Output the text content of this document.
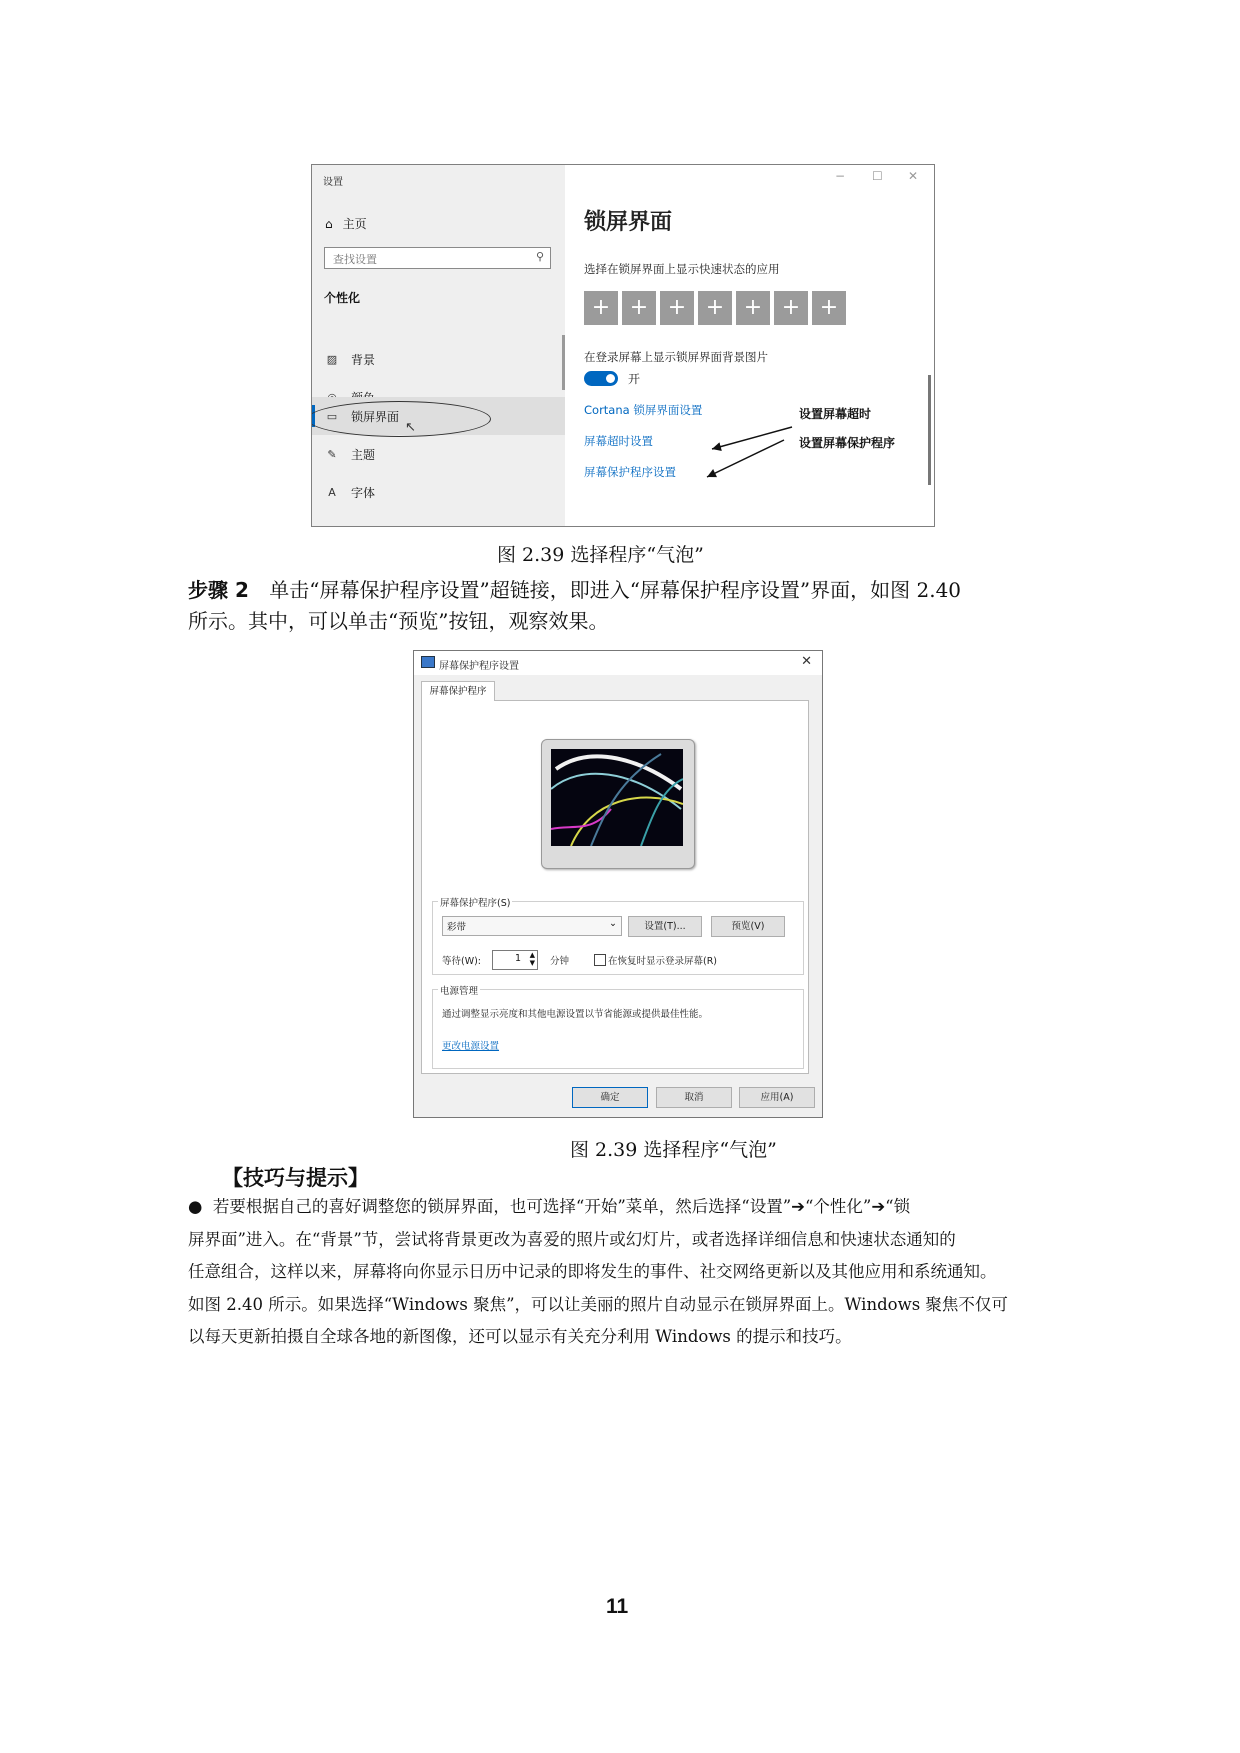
设置
⌂ 主页
查找设置
⚲
个性化
▨ 背景
▭ 锁屏界面
✎ 主题
A 字体
↖
− ☐ ✕
锁屏界面
选择在锁屏界面上显示快速状态的应用
+ + + + + + +
在登录屏幕上显示锁屏界面背景图片
开
Cortana 锁屏界面设置
屏幕超时设置
屏幕保护程序设置
设置屏幕超时
设置屏幕保护程序
图 2.39 选择程序“气泡”
步骤 2 单击“屏幕保护程序设置”超链接，即进入“屏幕保护程序设置”界面，如图 2.40
所示。其中，可以单击“预览”按钮，观察效果。
屏幕保护程序设置	✕
屏幕保护程序
屏幕保护程序(S)
彩带	⌄	设置(T)...	预览(V)
等待(W):	1 ▲
▼ 分钟	在恢复时显示登录屏幕(R)
电源管理
通过调整显示亮度和其他电源设置以节省能源或提供最佳性能。
更改电源设置
确定	取消	应用(A)
图 2.39 选择程序“气泡”
【技巧与提示】
● 若要根据自己的喜好调整您的锁屏界面，也可选择“开始”菜单，然后选择“设置”➔“个性化”➔“锁
屏界面”进入。在“背景”节，尝试将背景更改为喜爱的照片或幻灯片，或者选择详细信息和快速状态通知的
任意组合，这样以来，屏幕将向你显示日历中记录的即将发生的事件、社交网络更新以及其他应用和系统通知。
如图 2.40 所示。如果选择“Windows 聚焦”，可以让美丽的照片自动显示在锁屏界面上。Windows 聚焦不仅可
以每天更新拍摄自全球各地的新图像，还可以显示有关充分利用 Windows 的提示和技巧。
11
